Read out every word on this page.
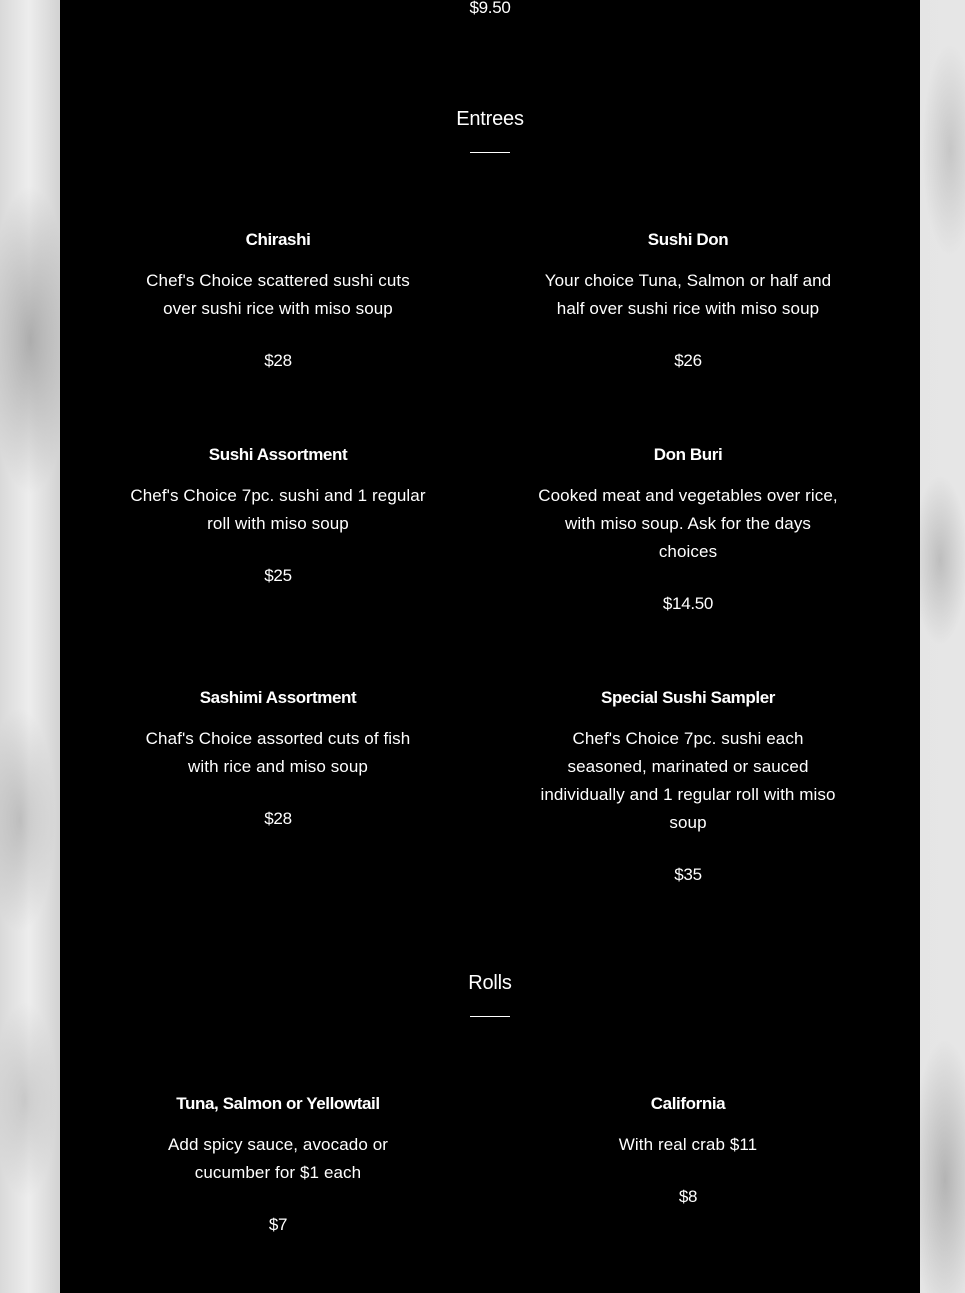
$9.50
Entrees
Chirashi
Chef's Choice scattered sushi cuts over sushi rice with miso soup
$28
Sushi Don
Your choice Tuna, Salmon or half and half over sushi rice with miso soup
$26
Sushi Assortment
Chef's Choice 7pc. sushi and 1 regular roll with miso soup
$25
Don Buri
Cooked meat and vegetables over rice, with miso soup. Ask for the days choices
$14.50
Sashimi Assortment
Chaf's Choice assorted cuts of fish with rice and miso soup
$28
Special Sushi Sampler
Chef's Choice 7pc. sushi each seasoned, marinated or sauced individually and 1 regular roll with miso soup
$35
Rolls
Tuna, Salmon or Yellowtail
Add spicy sauce, avocado or cucumber for $1 each
$7
California
With real crab $11
$8
